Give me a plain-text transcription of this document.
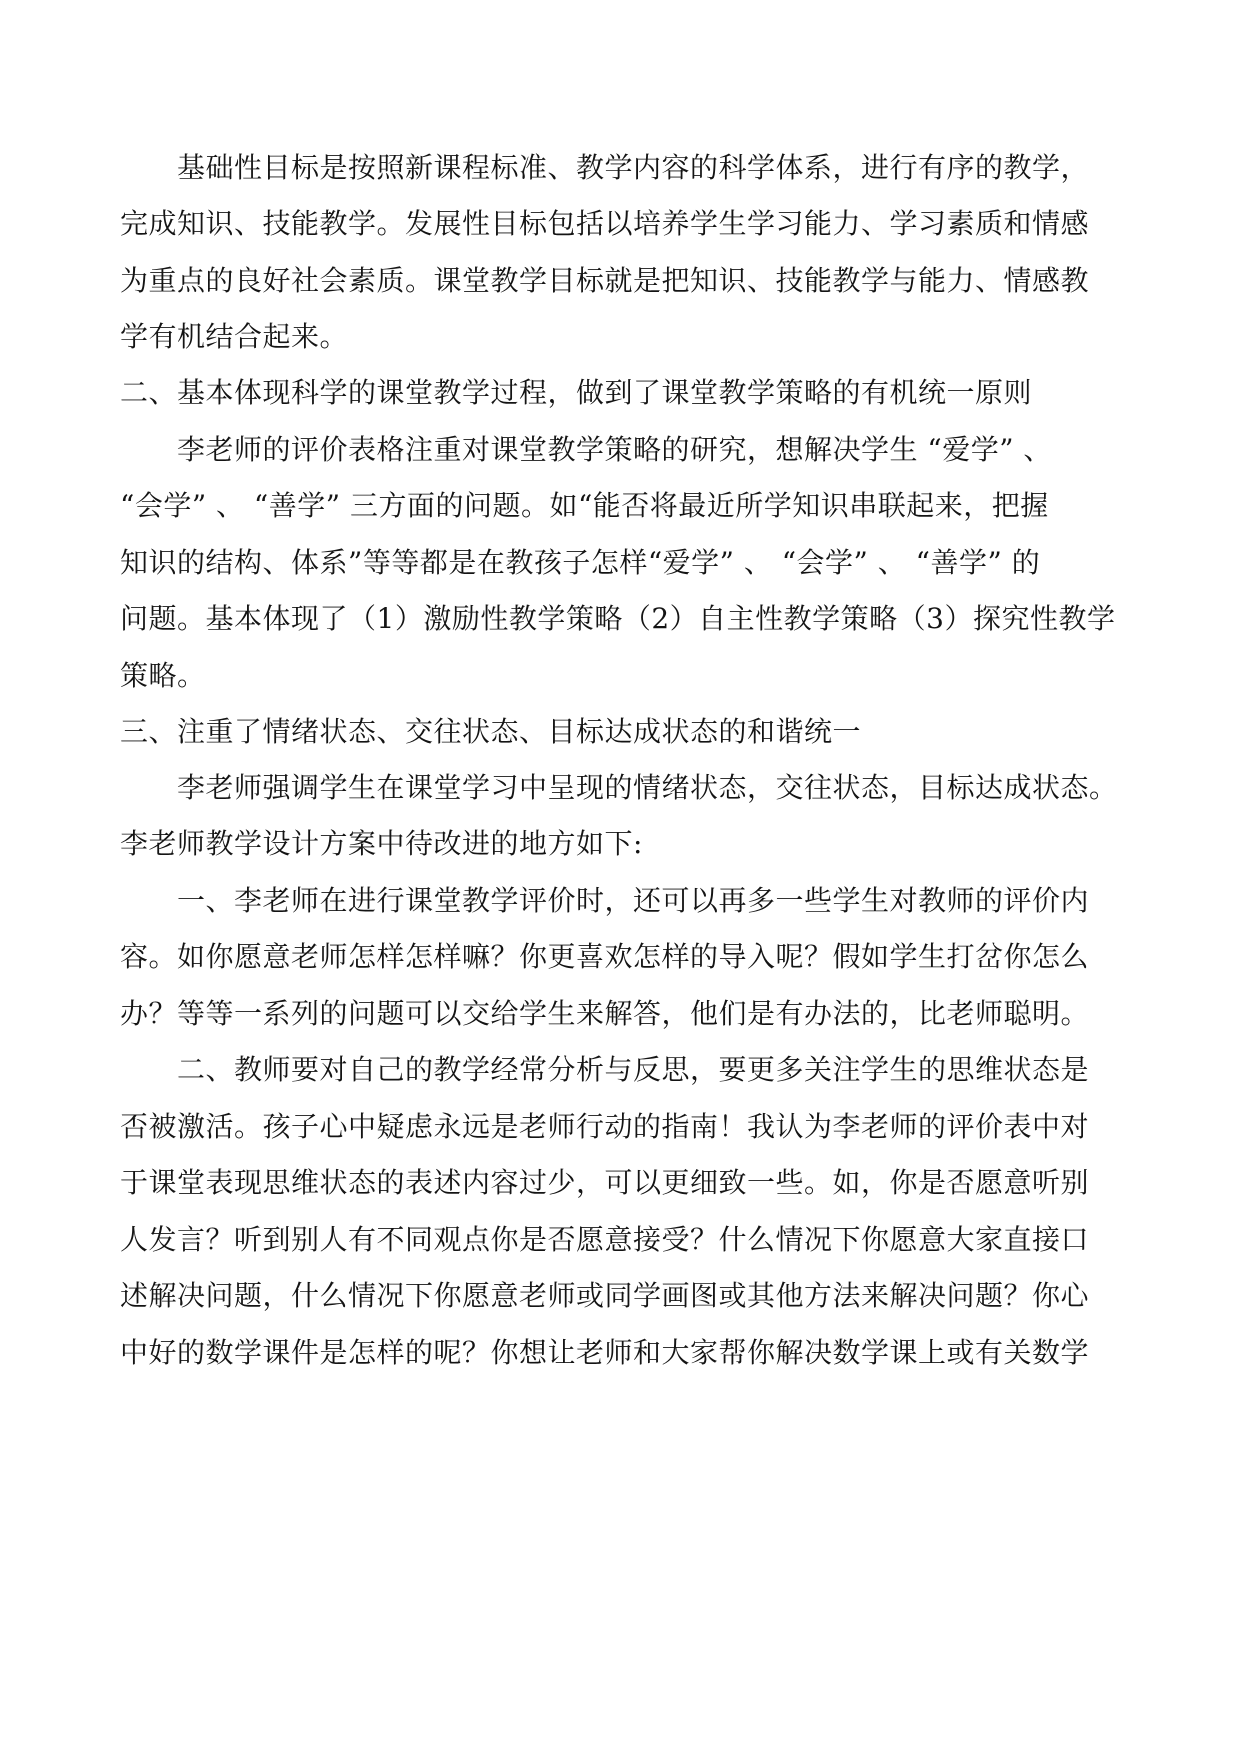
基础性目标是按照新课程标准、教学内容的科学体系，进行有序的教学，
完成知识、技能教学。发展性目标包括以培养学生学习能力、学习素质和情感
为重点的良好社会素质。课堂教学目标就是把知识、技能教学与能力、情感教
学有机结合起来。
二、基本体现科学的课堂教学过程，做到了课堂教学策略的有机统一原则
李老师的评价表格注重对课堂教学策略的研究，想解决学生 “爱学” 、
“会学” 、 “善学” 三方面的问题。如“能否将最近所学知识串联起来，把握
知识的结构、体系”等等都是在教孩子怎样“爱学” 、 “会学” 、 “善学” 的
问题。基本体现了（1）激励性教学策略（2）自主性教学策略（3）探究性教学
策略。
三、注重了情绪状态、交往状态、目标达成状态的和谐统一
李老师强调学生在课堂学习中呈现的情绪状态，交往状态，目标达成状态。
李老师教学设计方案中待改进的地方如下:
一、李老师在进行课堂教学评价时，还可以再多一些学生对教师的评价内
容。如你愿意老师怎样怎样嘛？你更喜欢怎样的导入呢？假如学生打岔你怎么
办？等等一系列的问题可以交给学生来解答，他们是有办法的，比老师聪明。
二、教师要对自己的教学经常分析与反思，要更多关注学生的思维状态是
否被激活。孩子心中疑虑永远是老师行动的指南！我认为李老师的评价表中对
于课堂表现思维状态的表述内容过少，可以更细致一些。如，你是否愿意听别
人发言？听到别人有不同观点你是否愿意接受？什么情况下你愿意大家直接口
述解决问题，什么情况下你愿意老师或同学画图或其他方法来解决问题？你心
中好的数学课件是怎样的呢？你想让老师和大家帮你解决数学课上或有关数学
